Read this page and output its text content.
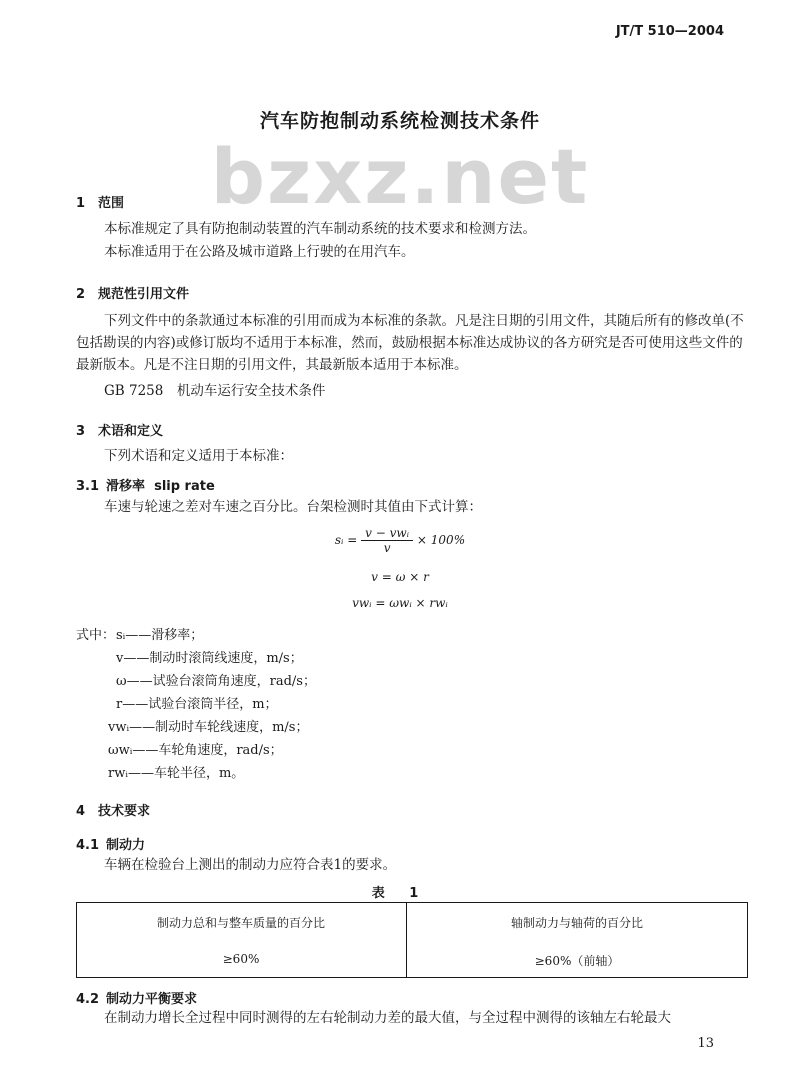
JT/T 510—2004
汽车防抱制动系统检测技术条件
bzxz.net
1 范围
本标准规定了具有防抱制动装置的汽车制动系统的技术要求和检测方法。
本标准适用于在公路及城市道路上行驶的在用汽车。
2 规范性引用文件
下列文件中的条款通过本标准的引用而成为本标准的条款。凡是注日期的引用文件，其随后所有的修改单(不包括勘误的内容)或修订版均不适用于本标准，然而，鼓励根据本标准达成协议的各方研究是否可使用这些文件的最新版本。凡是不注日期的引用文件，其最新版本适用于本标准。
GB 7258　机动车运行安全技术条件
3 术语和定义
下列术语和定义适用于本标准：
3.1 滑移率 slip rate
车速与轮速之差对车速之百分比。台架检测时其值由下式计算：
sᵢ = $\frac{\text{v − vwᵢ}}{v} \times 100\%$
v = ω × r
vwᵢ = ωwᵢ × rwᵢ
式中： sᵢ——滑移率；
v——制动时滚筒线速度，m/s；
ω——试验台滚筒角速度，rad/s；
r——试验台滚筒半径，m；
vwᵢ——制动时车轮线速度，m/s；
ωwᵢ——车轮角速度，rad/s；
rwᵢ——车轮半径，m。
4 技术要求
4.1 制动力
车辆在检验台上测出的制动力应符合表1的要求。
表 1
制动力总和与整车质量的百分比	轴制动力与轴荷的百分比
≥60%	≥60%（前轴）
4.2 制动力平衡要求
在制动力增长全过程中同时测得的左右轮制动力差的最大值，与全过程中测得的该轴左右轮最大
13
